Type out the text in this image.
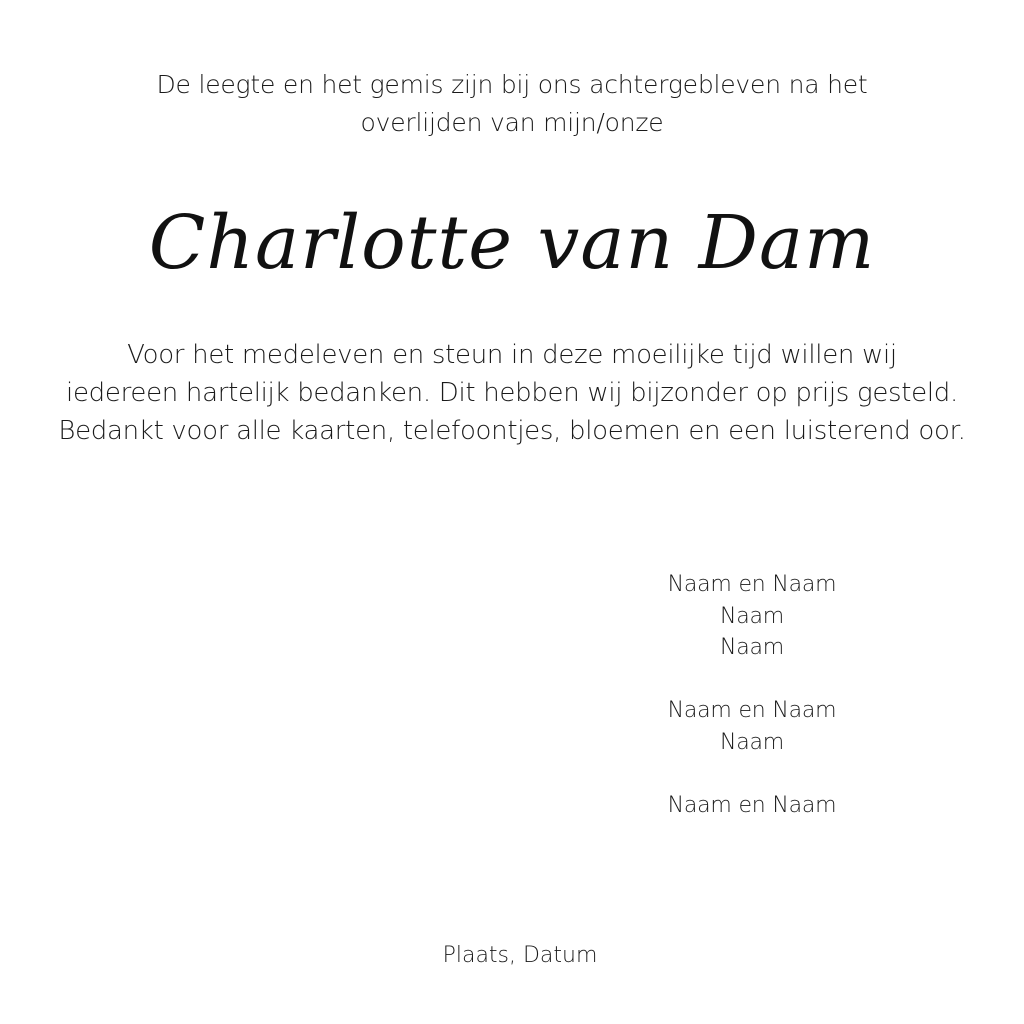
De leegte en het gemis zijn bij ons achtergebleven na het
overlijden van mijn/onze
Charlotte van Dam
Voor het medeleven en steun in deze moeilijke tijd willen wij
iedereen hartelijk bedanken. Dit hebben wij bijzonder op prijs gesteld.
Bedankt voor alle kaarten, telefoontjes, bloemen en een luisterend oor.
Naam en Naam
Naam
Naam
Naam en Naam
Naam
Naam en Naam
Plaats, Datum
